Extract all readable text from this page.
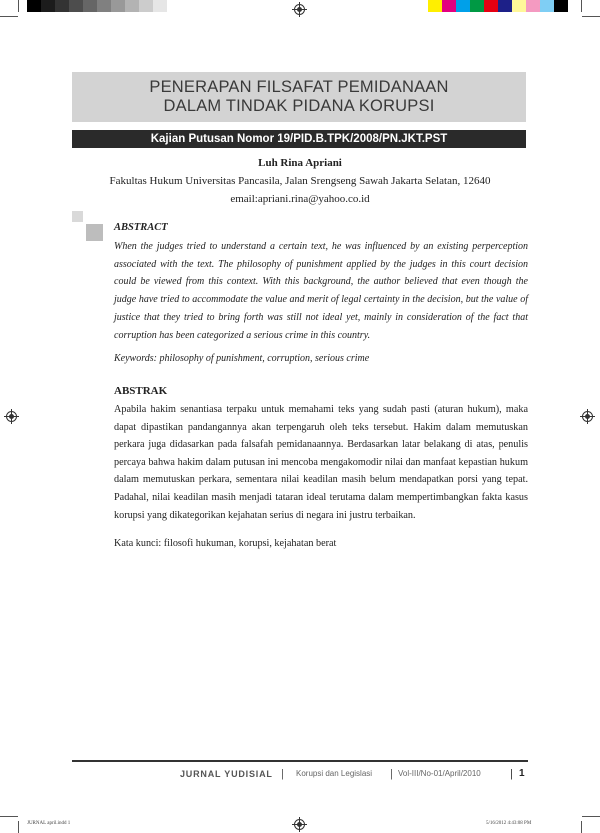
PENERAPAN FILSAFAT PEMIDANAAN
DALAM TINDAK PIDANA KORUPSI
Kajian Putusan Nomor 19/PID.B.TPK/2008/PN.JKT.PST
Luh Rina Apriani
Fakultas Hukum Universitas Pancasila, Jalan Srengseng Sawah Jakarta Selatan, 12640
email:apriani.rina@yahoo.co.id
ABSTRACT
When the judges tried to understand a certain text, he was influenced by an existing perperception associated with the text. The philosophy of punishment applied by the judges in this court decision could be viewed from this context. With this background, the author believed that even though the judge have tried to accommodate the value and merit of legal certainty in the decision, but the value of justice that they tried to bring forth was still not ideal yet, mainly in consideration of the fact that corruption has been categorized a serious crime in this country.
Keywords: philosophy of punishment, corruption, serious crime
ABSTRAK
Apabila hakim senantiasa terpaku untuk memahami teks yang sudah pasti (aturan hukum), maka dapat dipastikan pandangannya akan terpengaruh oleh teks tersebut. Hakim dalam memutuskan perkara juga didasarkan pada falsafah pemidanaannya. Berdasarkan latar belakang di atas, penulis percaya bahwa hakim dalam putusan ini mencoba mengakomodir nilai dan manfaat kepastian hukum dalam memutuskan perkara, sementara nilai keadilan masih belum mendapatkan porsi yang tepat. Padahal, nilai keadilan masih menjadi tataran ideal terutama dalam mempertimbangkan fakta kasus korupsi yang dikategorikan kejahatan serius di negara ini justru terbaikan.
Kata kunci: filosofi hukuman, korupsi, kejahatan berat
JURNAL YUDISIAL | Korupsi dan Legislasi | Vol-III/No-01/April/2010	| 1
JURNAL april.indd 1	5/16/2012 4:43:08 PM
